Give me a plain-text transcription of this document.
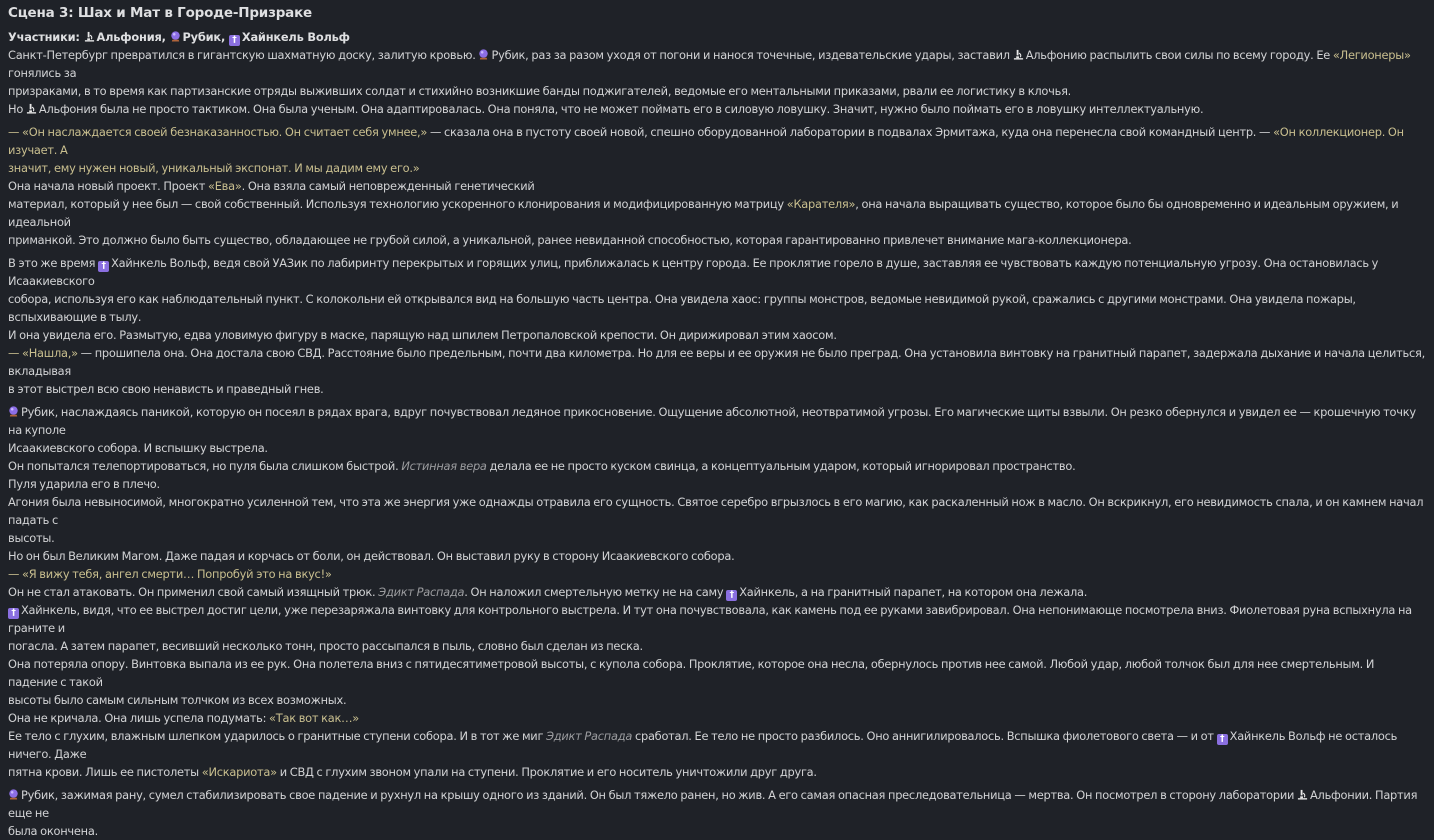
Сцена 3: Шах и Мат в Городе-Призраке
Участники: Альфония, Рубик, † Хайнкель Вольф
Санкт-Петербург превратился в гигантскую шахматную доску, залитую кровью.
Рубик, раз за разом уходя от погони и нанося точечные, издевательские удары, заставил
Альфонию распылить свои силы по всему городу. Ее «Легионеры» гонялись за
призраками, в то время как партизанские отряды выживших солдат и стихийно возникшие банды поджигателей, ведомые его ментальными приказами, рвали ее логистику в клочья.
Но
Альфония была не просто тактиком. Она была ученым. Она адаптировалась. Она поняла, что не может поймать его в силовую ловушку. Значит, нужно было поймать его в ловушку интеллектуальную.
— «Он наслаждается своей безнаказанностью. Он считает себя умнее,» — сказала она в пустоту своей новой, спешно оборудованной лаборатории в подвалах Эрмитажа, куда она перенесла свой командный центр. — «Он коллекционер. Он изучает. А
значит, ему нужен новый, уникальный экспонат. И мы дадим ему его.»
Она начала новый проект. Проект «Ева». Она взяла самый неповрежденный генетический
материал, который у нее был — свой собственный. Используя технологию ускоренного клонирования и модифицированную матрицу «Карателя», она начала выращивать существо, которое было бы одновременно и идеальным оружием, и идеальной
приманкой. Это должно было быть существо, обладающее не грубой силой, а уникальной, ранее невиданной способностью, которая гарантированно привлечет внимание мага-коллекционера.
В это же время † Хайнкель Вольф, ведя свой УАЗик по лабиринту перекрытых и горящих улиц, приближалась к центру города. Ее проклятие горело в душе, заставляя ее чувствовать каждую потенциальную угрозу. Она остановилась у Исаакиевского
собора, используя его как наблюдательный пункт. С колокольни ей открывался вид на большую часть центра. Она увидела хаос: группы монстров, ведомые невидимой рукой, сражались с другими монстрами. Она увидела пожары, вспыхивающие в тылу.
И она увидела его. Размытую, едва уловимую фигуру в маске, парящую над шпилем Петропаловской крепости. Он дирижировал этим хаосом.
— «Нашла,» — прошипела она. Она достала свою СВД. Расстояние было предельным, почти два километра. Но для ее веры и ее оружия не было преград. Она установила винтовку на гранитный парапет, задержала дыхание и начала целиться, вкладывая
в этот выстрел всю свою ненависть и праведный гнев.
Рубик, наслаждаясь паникой, которую он посеял в рядах врага, вдруг почувствовал ледяное прикосновение. Ощущение абсолютной, неотвратимой угрозы. Его магические щиты взвыли. Он резко обернулся и увидел ее — крошечную точку на куполе
Исаакиевского собора. И вспышку выстрела.
Он попытался телепортироваться, но пуля была слишком быстрой. Истинная вера делала ее не просто куском свинца, а концептуальным ударом, который игнорировал пространство.
Пуля ударила его в плечо.
Агония была невыносимой, многократно усиленной тем, что эта же энергия уже однажды отравила его сущность. Святое серебро вгрызлось в его магию, как раскаленный нож в масло. Он вскрикнул, его невидимость спала, и он камнем начал падать с
высоты.
Но он был Великим Магом. Даже падая и корчась от боли, он действовал. Он выставил руку в сторону Исаакиевского собора.
— «Я вижу тебя, ангел смерти… Попробуй это на вкус!»
Он не стал атаковать. Он применил свой самый изящный трюк. Эдикт Распада. Он наложил смертельную метку не на саму † Хайнкель, а на гранитный парапет, на котором она лежала.
† Хайнкель, видя, что ее выстрел достиг цели, уже перезаряжала винтовку для контрольного выстрела. И тут она почувствовала, как камень под ее руками завибрировал. Она непонимающе посмотрела вниз. Фиолетовая руна вспыхнула на граните и
погасла. А затем парапет, весивший несколько тонн, просто рассыпался в пыль, словно был сделан из песка.
Она потеряла опору. Винтовка выпала из ее рук. Она полетела вниз с пятидесятиметровой высоты, с купола собора. Проклятие, которое она несла, обернулось против нее самой. Любой удар, любой толчок был для нее смертельным. И падение с такой
высоты было самым сильным толчком из всех возможных.
Она не кричала. Она лишь успела подумать: «Так вот как…»
Ее тело с глухим, влажным шлепком ударилось о гранитные ступени собора. И в тот же миг Эдикт Распада сработал. Ее тело не просто разбилось. Оно аннигилировалось. Вспышка фиолетового света — и от † Хайнкель Вольф не осталось ничего. Даже
пятна крови. Лишь ее пистолеты «Искариота» и СВД с глухим звоном упали на ступени. Проклятие и его носитель уничтожили друг друга.
Рубик, зажимая рану, сумел стабилизировать свое падение и рухнул на крышу одного из зданий. Он был тяжело ранен, но жив. А его самая опасная преследовательница — мертва. Он посмотрел в сторону лаборатории
Альфонии. Партия еще не
была окончена.
